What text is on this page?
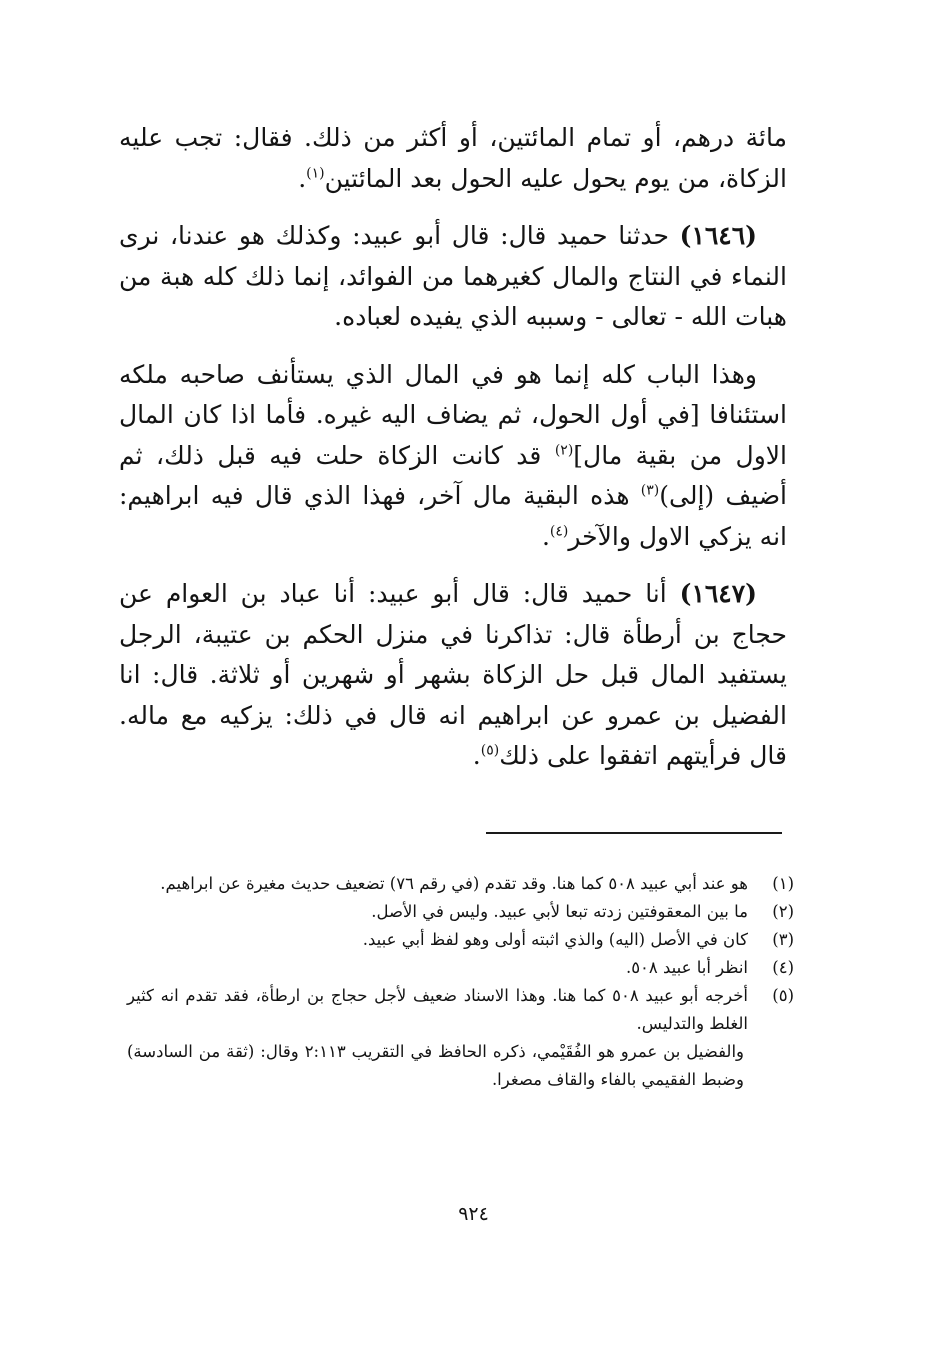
مائة درهم، أو تمام المائتين، أو أكثر من ذلك. فقال: تجب عليه الزكاة، من يوم يحول عليه الحول بعد المائتين$^{(١)}$.

(١٦٤٦) حدثنا حميد قال: قال أبو عبيد: وكذلك هو عندنا، نرى النماء في النتاج والمال كغيرهما من الفوائد، إنما ذلك كله هبة من هبات الله - تعالى - وسببه الذي يفيده لعباده.

وهذا الباب كله إنما هو في المال الذي يستأنف صاحبه ملكه استئنافا [في أول الحول، ثم يضاف اليه غيره. فأما اذا كان المال الاول من بقية مال]$^{(٢)}$ قد كانت الزكاة حلت فيه قبل ذلك، ثم أضيف (إلى)$^{(٣)}$ هذه البقية مال آخر، فهذا الذي قال فيه ابراهيم: انه يزكي الاول والآخر$^{(٤)}$.

(١٦٤٧) أنا حميد قال: قال أبو عبيد: أنا عباد بن العوام عن حجاج بن أرطأة قال: تذاكرنا في منزل الحكم بن عتيبة، الرجل يستفيد المال قبل حل الزكاة بشهر أو شهرين أو ثلاثة. قال: انا الفضيل بن عمرو عن ابراهيم انه قال في ذلك: يزكيه مع ماله. قال فرأيتهم اتفقوا على ذلك$^{(٥)}$.

(١)
هو عند أبي عبيد ٥٠٨ كما هنا. وقد تقدم (في رقم ٧٦) تضعيف حديث مغيرة عن ابراهيم.
(٢)
ما بين المعقوفتين زدته تبعا لأبي عبيد. وليس في الأصل.
(٣)
كان في الأصل (اليه) والذي اثبته أولى وهو لفظ أبي عبيد.
(٤)
انظر أبا عبيد ٥٠٨.
(٥)
أخرجه أبو عبيد ٥٠٨ كما هنا. وهذا الاسناد ضعيف لأجل حجاج بن ارطأة، فقد تقدم انه كثير الغلط والتدليس.
والفضيل بن عمرو هو الفُقَيْمي، ذكره الحافظ في التقريب ٢:١١٣ وقال: (ثقة من السادسة) وضبط الفقيمي بالفاء والقاف مصغرا.
٩٢٤
